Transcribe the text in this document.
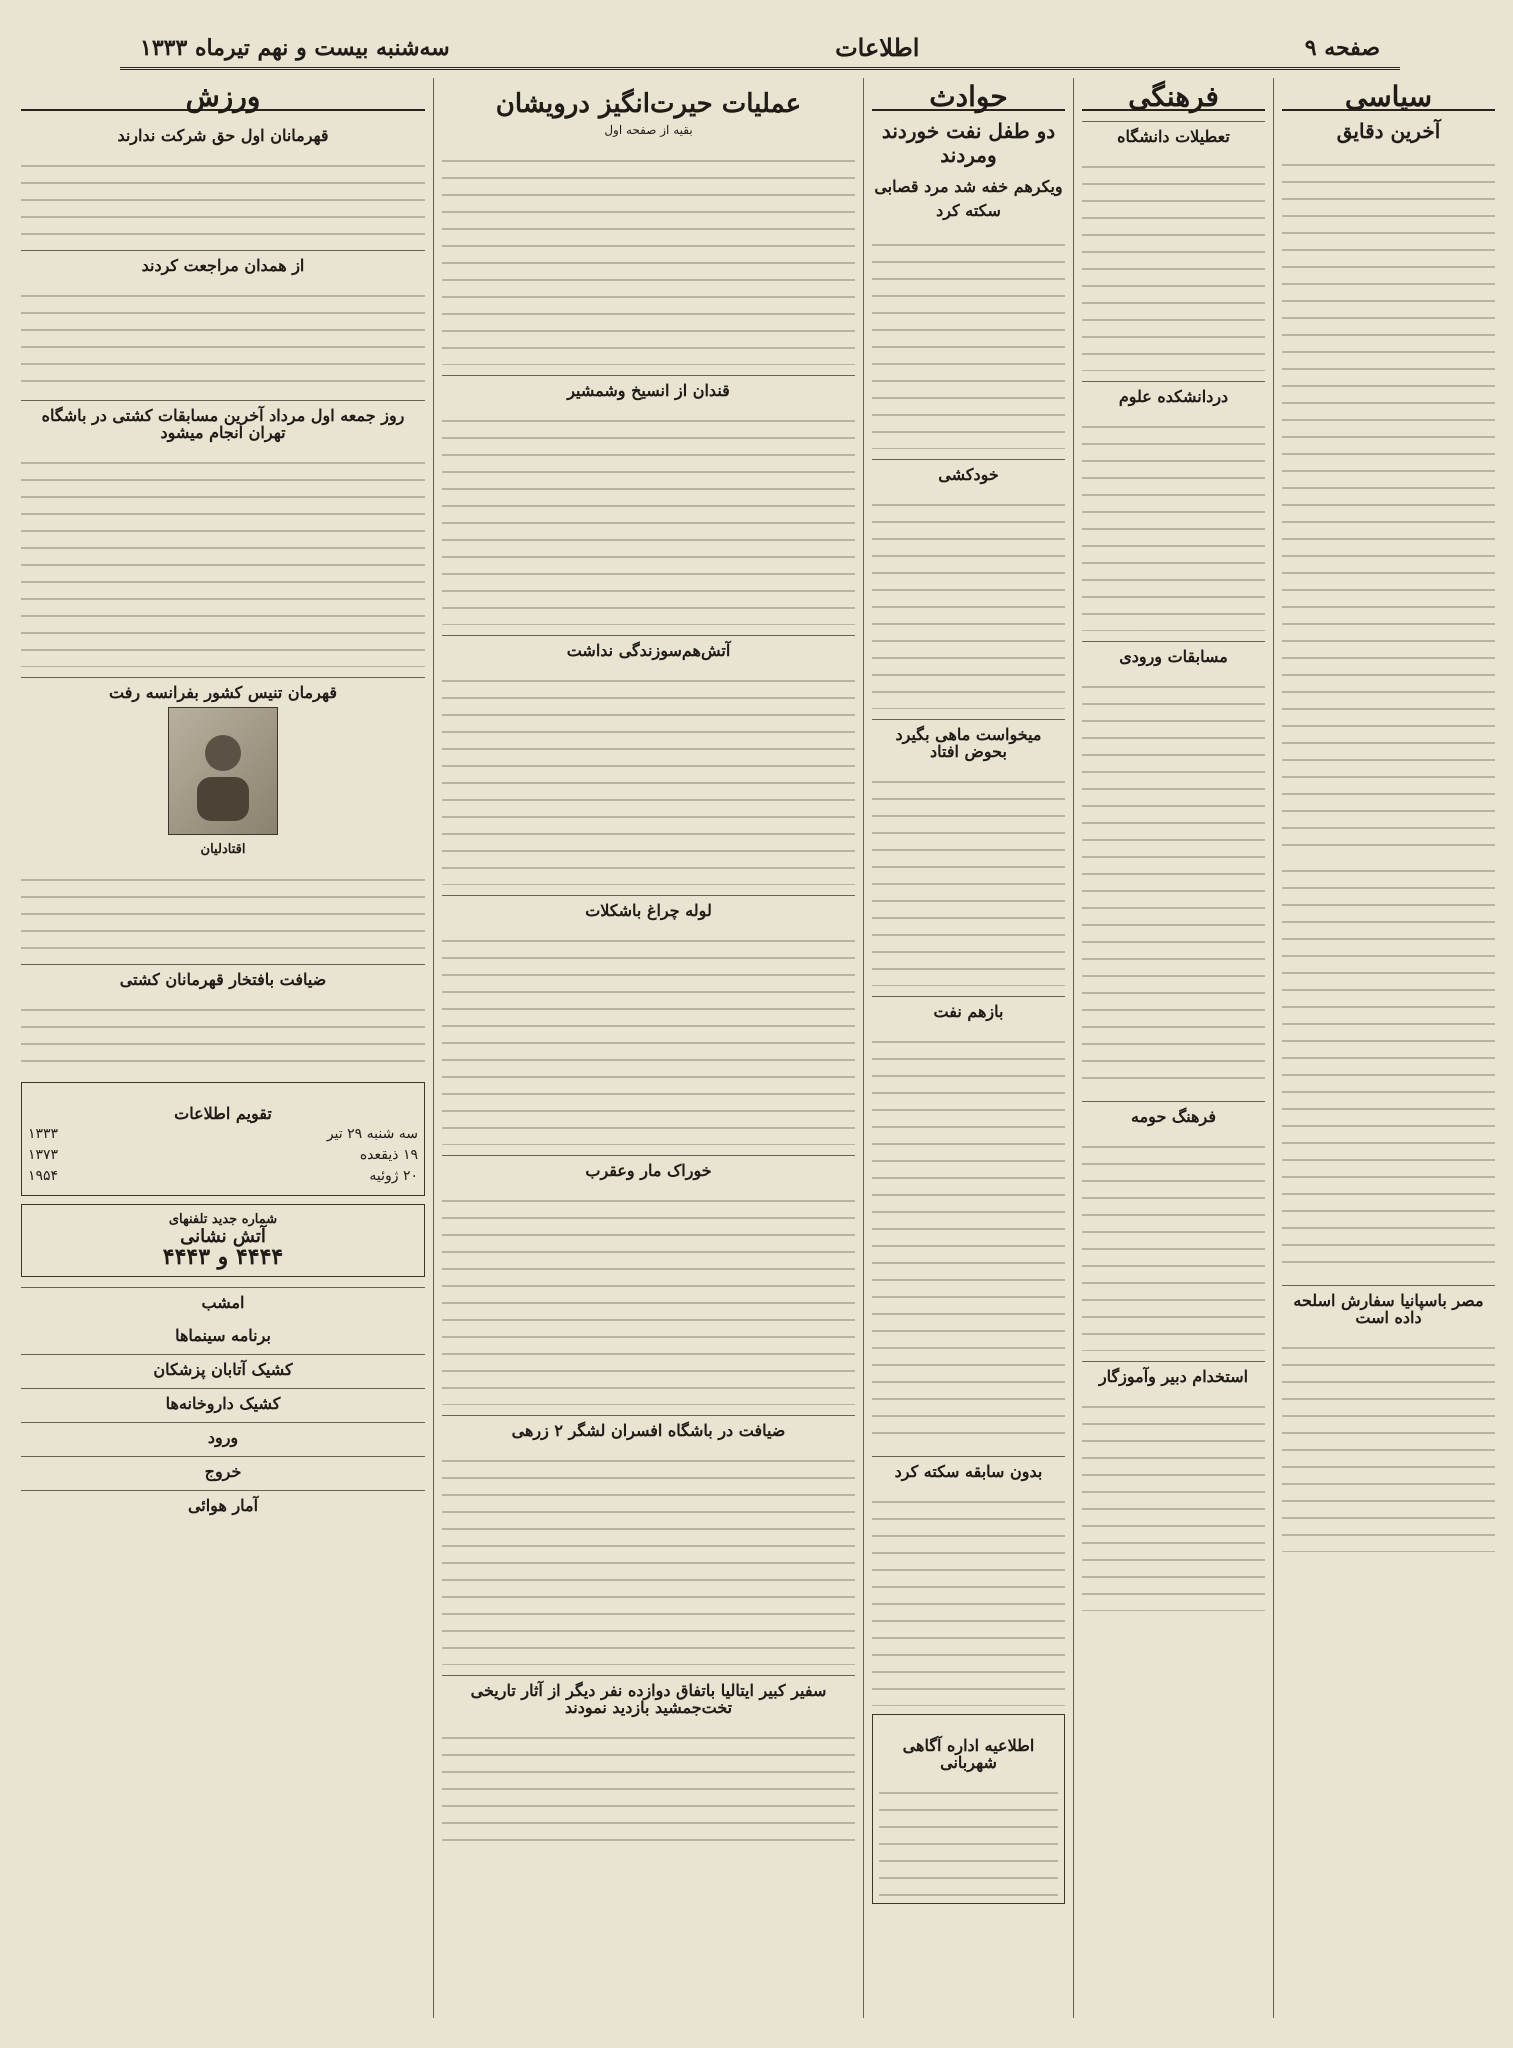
صفحه ۹
اطلاعات
سه‌شنبه بیست و نهم تیرماه ۱۳۳۳
سیاسی
آخرین دقایق
مصر باسپانیا سفارش اسلحه داده است
فرهنگی
تعطیلات دانشگاه
دردانشکده علوم
مسابقات ورودی
فرهنگ حومه
استخدام دبیر وآموزگار
حوادث
دو طفل نفت خوردند ومردند
ویکرهم خفه شد مرد قصابی سکته کرد
خودکشی
میخواست ماهی بگیرد بحوض افتاد
بازهم نفت
بدون سابقه سکته کرد
اطلاعیه اداره آگاهی شهربانی
عملیات حیرت‌انگیز درویشان
بقیه از صفحه اول
قندان از انسیخ وشمشیر
آتش‌هم‌سوزندگی نداشت
لوله چراغ باشکلات
خوراک مار وعقرب
ضیافت در باشگاه افسران لشگر ۲ زرهی
سفیر کبیر ایتالیا باتفاق دوازده نفر دیگر از آثار تاریخی تخت‌جمشید بازدید نمودند
ورزش
قهرمانان اول حق شرکت ندارند
از همدان مراجعت کردند
روز جمعه اول مرداد آخرین مسابقات کشتی در باشگاه تهران انجام میشود
قهرمان تنیس کشور بفرانسه رفت
اقتادلیان
ضیافت بافتخار قهرمانان کشتی
تقویم اطلاعات
سه شنبه ۲۹ تیر
۱۳۳۳
۱۹ ذیقعده
۱۳۷۳
۲۰ ژوئیه
۱۹۵۴
شماره جدید تلفنهای
آتش نشانی
۴۴۴۴ و ۴۴۴۳
امشب
برنامه سینماها
کشیک آتابان پزشکان
کشیک داروخانه‌ها
ورود
خروج
آمار هوائی
